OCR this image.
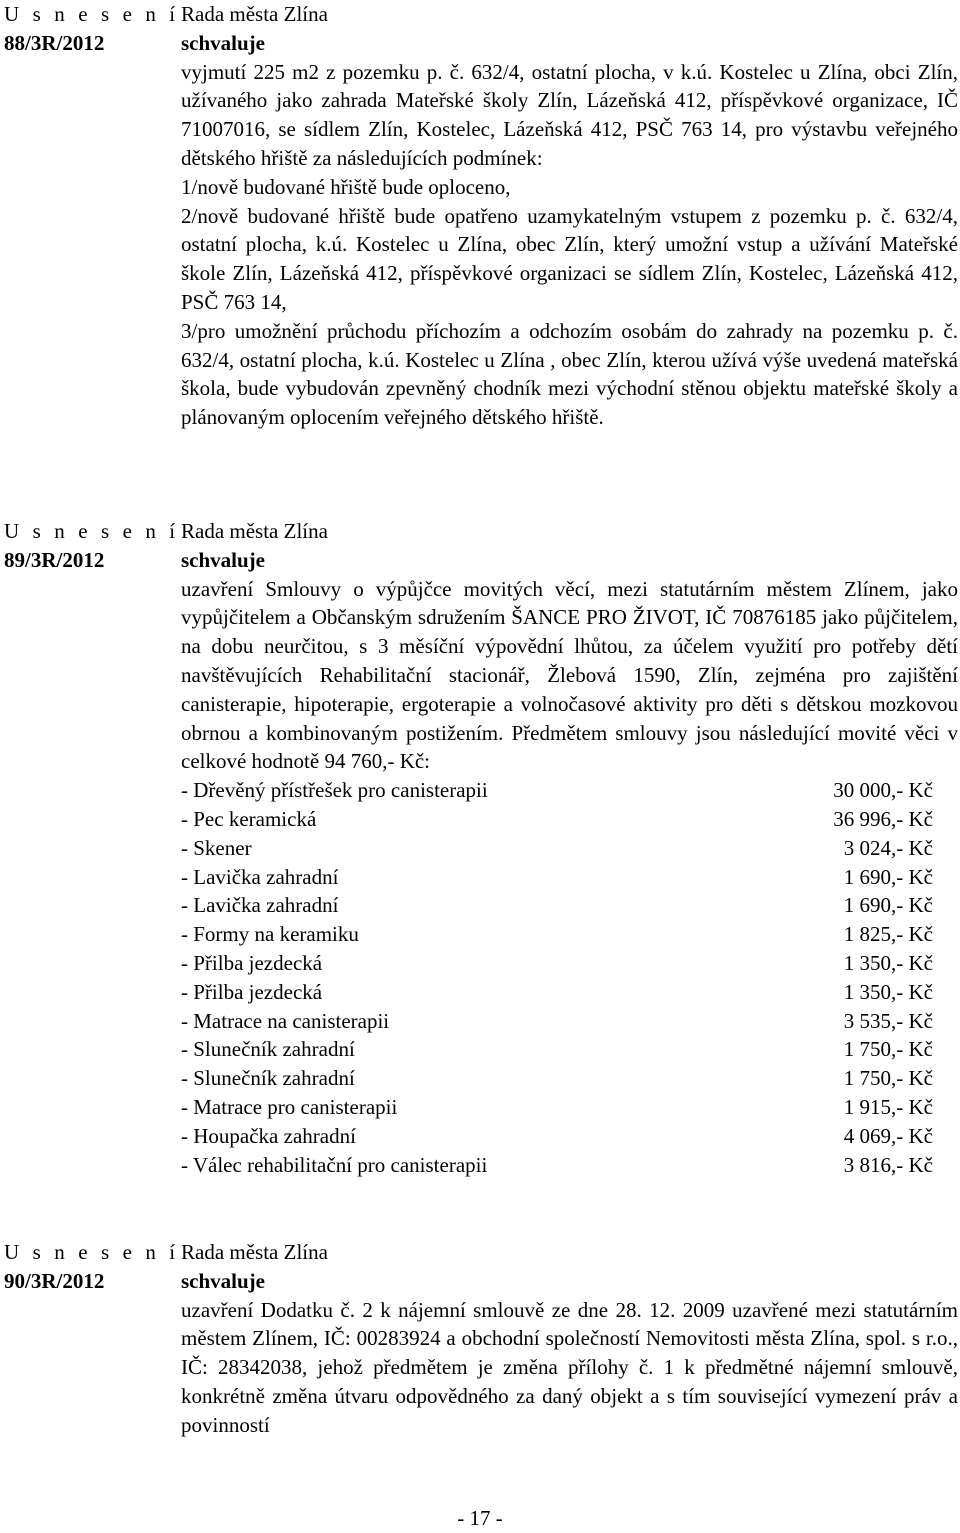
U s n e s e n í
88/3R/2012
Rada města Zlína
schvaluje

vyjmutí 225 m2 z pozemku p. č. 632/4, ostatní plocha, v k.ú. Kostelec u Zlína, obci Zlín, užívaného jako zahrada Mateřské školy Zlín, Lázeňská 412, příspěvkové organizace, IČ 71007016, se sídlem Zlín, Kostelec, Lázeňská 412, PSČ 763 14, pro výstavbu veřejného dětského hřiště za následujících podmínek:

1/nově budované hřiště bude oploceno,

2/nově budované hřiště bude opatřeno uzamykatelným vstupem z pozemku p. č. 632/4, ostatní plocha, k.ú. Kostelec u Zlína, obec Zlín, který umožní vstup a užívání Mateřské škole Zlín, Lázeňská 412, příspěvkové organizaci se sídlem Zlín, Kostelec, Lázeňská 412, PSČ 763 14,

3/pro umožnění průchodu příchozím a odchozím osobám do zahrady na pozemku p. č. 632/4, ostatní plocha, k.ú. Kostelec u Zlína , obec Zlín, kterou užívá výše uvedená mateřská škola, bude vybudován zpevněný chodník mezi východní stěnou objektu mateřské školy a plánovaným oplocením veřejného dětského hřiště.

U s n e s e n í
89/3R/2012
Rada města Zlína
schvaluje

uzavření Smlouvy o výpůjčce movitých věcí, mezi statutárním městem Zlínem, jako vypůjčitelem a Občanským sdružením ŠANCE PRO ŽIVOT, IČ 70876185 jako půjčitelem, na dobu neurčitou, s 3 měsíční výpovědní lhůtou, za účelem využití pro potřeby dětí navštěvujících Rehabilitační stacionář, Žlebová 1590, Zlín, zejména pro zajištění canisterapie, hipoterapie, ergoterapie a volnočasové aktivity pro děti s dětskou mozkovou obrnou a kombinovaným postižením. Předmětem smlouvy jsou následující movité věci v celkové hodnotě 94 760,- Kč:

- Dřevěný přístřešek pro canisterapii	30 000,- Kč
- Pec keramická	36 996,- Kč
- Skener	3 024,- Kč
- Lavička zahradní	1 690,- Kč
- Lavička zahradní	1 690,- Kč
- Formy na keramiku	1 825,- Kč
- Přilba jezdecká	1 350,- Kč
- Přilba jezdecká	1 350,- Kč
- Matrace na canisterapii	3 535,- Kč
- Slunečník zahradní	1 750,- Kč
- Slunečník zahradní	1 750,- Kč
- Matrace pro canisterapii	1 915,- Kč
- Houpačka zahradní	4 069,- Kč
- Válec rehabilitační pro canisterapii	3 816,- Kč
U s n e s e n í
90/3R/2012
Rada města Zlína
schvaluje

uzavření Dodatku č. 2 k nájemní smlouvě ze dne 28. 12. 2009 uzavřené mezi statutárním městem Zlínem, IČ: 00283924 a obchodní společností Nemovitosti města Zlína, spol. s r.o., IČ: 28342038, jehož předmětem je změna přílohy č. 1 k předmětné nájemní smlouvě, konkrétně změna útvaru odpovědného za daný objekt a s tím související vymezení práv a povinností

- 17 -
